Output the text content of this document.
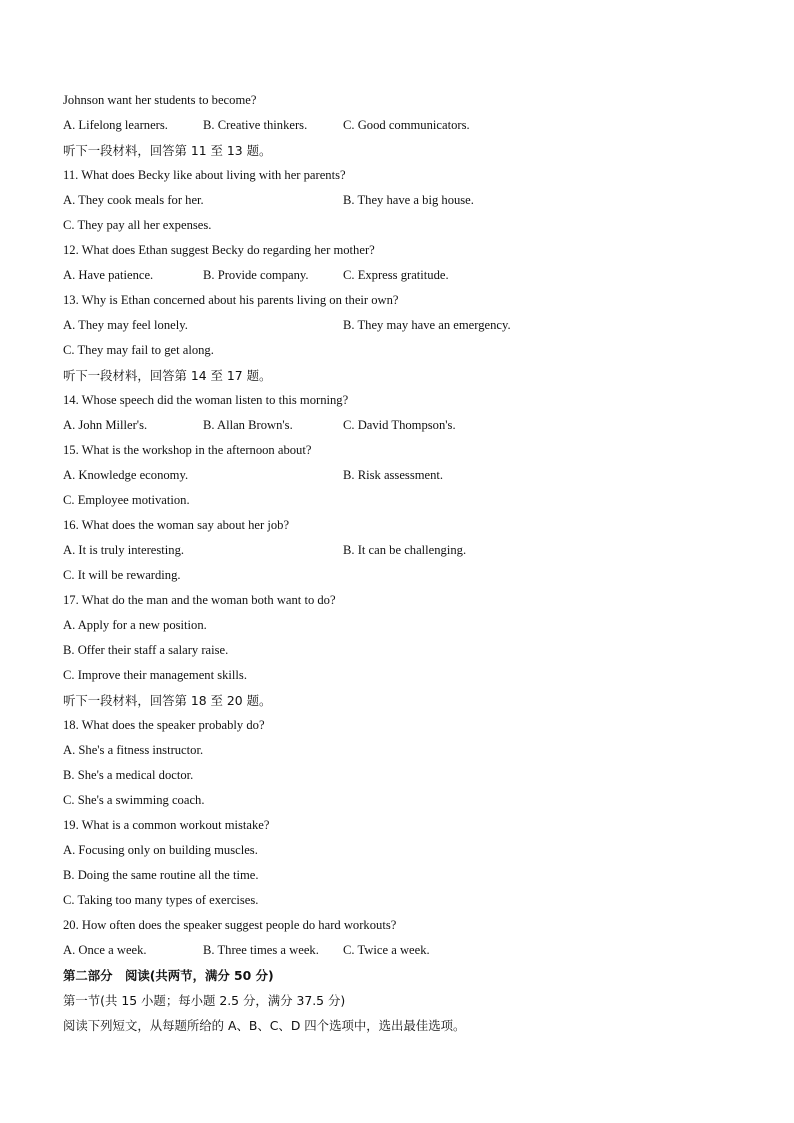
Johnson want her students to become?
A. Lifelong learners.	B. Creative thinkers.	C. Good communicators.
听下一段材料，回答第 11 至 13 题。
11. What does Becky like about living with her parents?
A. They cook meals for her.	B. They have a big house.
C. They pay all her expenses.
12. What does Ethan suggest Becky do regarding her mother?
A. Have patience.	B. Provide company.	C. Express gratitude.
13. Why is Ethan concerned about his parents living on their own?
A. They may feel lonely.	B. They may have an emergency.
C. They may fail to get along.
听下一段材料，回答第 14 至 17 题。
14. Whose speech did the woman listen to this morning?
A. John Miller's.	B. Allan Brown's.	C. David Thompson's.
15. What is the workshop in the afternoon about?
A. Knowledge economy.	B. Risk assessment.
C. Employee motivation.
16. What does the woman say about her job?
A. It is truly interesting.	B. It can be challenging.
C. It will be rewarding.
17. What do the man and the woman both want to do?
A. Apply for a new position.
B. Offer their staff a salary raise.
C. Improve their management skills.
听下一段材料，回答第 18 至 20 题。
18. What does the speaker probably do?
A. She's a fitness instructor.
B. She's a medical doctor.
C. She's a swimming coach.
19. What is a common workout mistake?
A. Focusing only on building muscles.
B. Doing the same routine all the time.
C. Taking too many types of exercises.
20. How often does the speaker suggest people do hard workouts?
A. Once a week.	B. Three times a week.	C. Twice a week.
第二部分　阅读(共两节，满分 50 分)
第一节(共 15 小题；每小题 2.5 分，满分 37.5 分)
阅读下列短文，从每题所给的 A、B、C、D 四个选项中，选出最佳选项。
